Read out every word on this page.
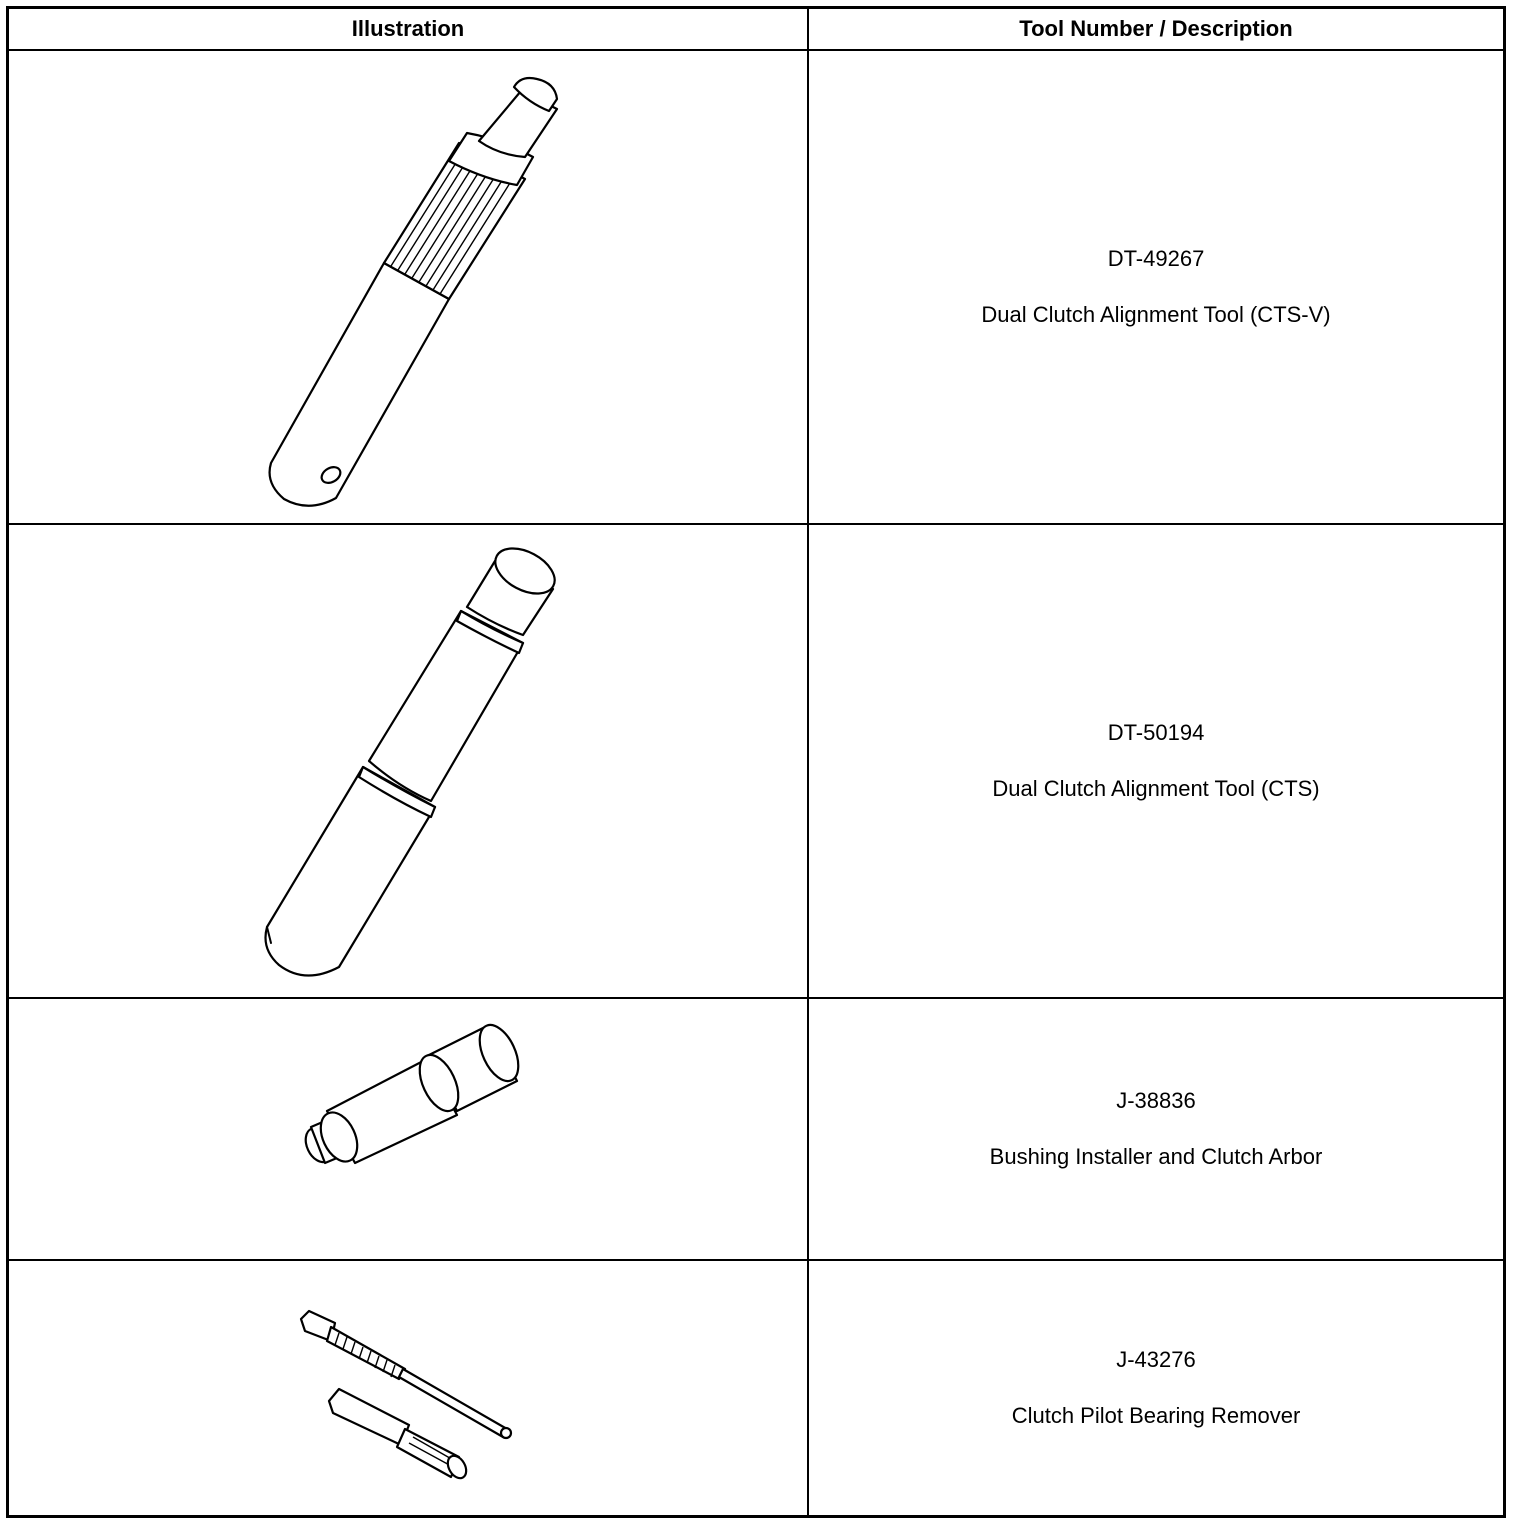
Illustration	Tool Number / Description
DT-49267
Dual Clutch Alignment Tool (CTS-V)
DT-50194
Dual Clutch Alignment Tool (CTS)
J-38836
Bushing Installer and Clutch Arbor
J-43276
Clutch Pilot Bearing Remover
